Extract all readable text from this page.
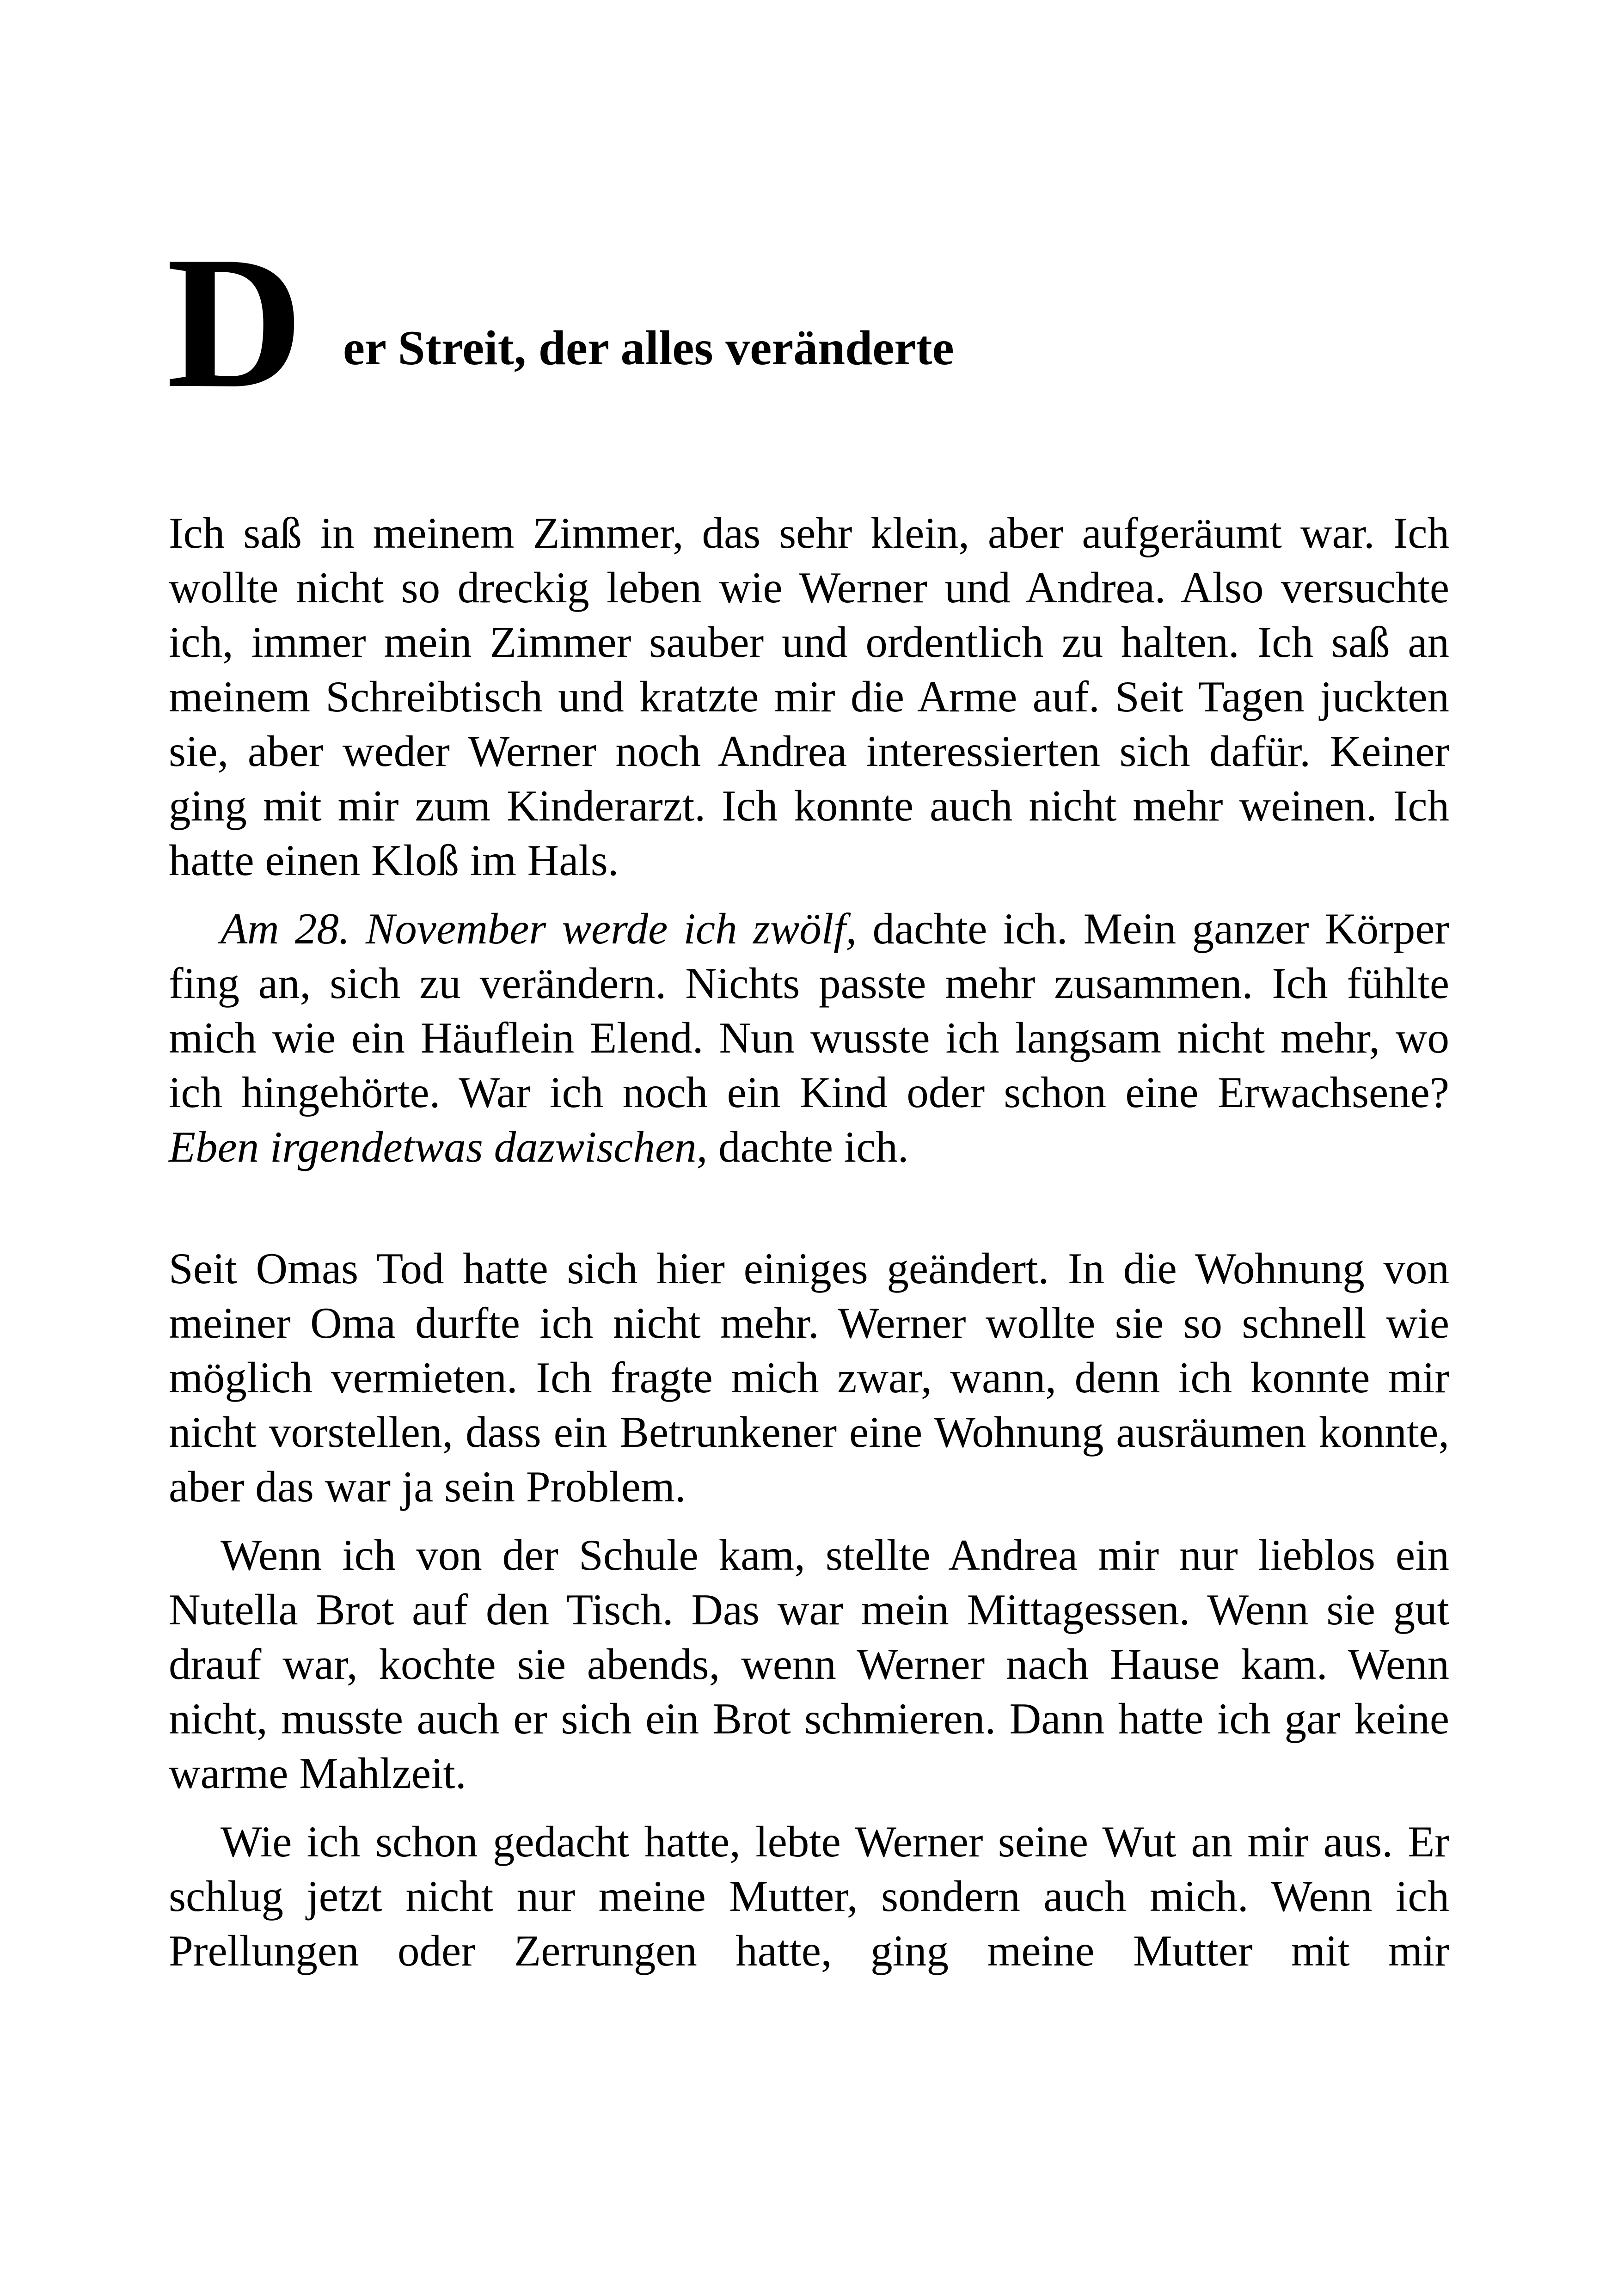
D er Streit, der alles veränderte

Ich saß in meinem Zimmer, das sehr klein, aber aufgeräumt war. Ich wollte nicht so dreckig leben wie Werner und Andrea. Also versuchte ich, immer mein Zimmer sauber und ordentlich zu halten. Ich saß an meinem Schreibtisch und kratzte mir die Arme auf. Seit Tagen juckten sie, aber weder Werner noch Andrea interessierten sich dafür. Keiner ging mit mir zum Kinderarzt. Ich konnte auch nicht mehr weinen. Ich hatte einen Kloß im Hals.

Am 28. November werde ich zwölf, dachte ich. Mein ganzer Körper fing an, sich zu verändern. Nichts passte mehr zusammen. Ich fühlte mich wie ein Häuflein Elend. Nun wusste ich langsam nicht mehr, wo ich hingehörte. War ich noch ein Kind oder schon eine Erwachsene? Eben irgendetwas dazwischen, dachte ich.

Seit Omas Tod hatte sich hier einiges geändert. In die Wohnung von meiner Oma durfte ich nicht mehr. Werner wollte sie so schnell wie möglich vermieten. Ich fragte mich zwar, wann, denn ich konnte mir nicht vorstellen, dass ein Betrunkener eine Wohnung ausräumen konnte, aber das war ja sein Problem.

Wenn ich von der Schule kam, stellte Andrea mir nur lieblos ein Nutella Brot auf den Tisch. Das war mein Mittagessen. Wenn sie gut drauf war, kochte sie abends, wenn Werner nach Hause kam. Wenn nicht, musste auch er sich ein Brot schmieren. Dann hatte ich gar keine warme Mahlzeit.

Wie ich schon gedacht hatte, lebte Werner seine Wut an mir aus. Er schlug jetzt nicht nur meine Mutter, sondern auch mich. Wenn ich Prellungen oder Zerrungen hatte, ging meine Mutter mit mir
